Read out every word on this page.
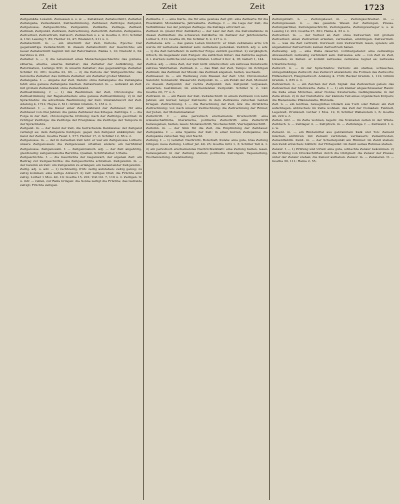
Zeit	Zeit	Zeit	1723

Zeitgemäße Luxemb. Zumessen u. s. w. — Zeitablauf, Zeitabschnitt, Zeitalter, Zeitangabe, Zeitaufwand, Zeitbestimmung, Zeitdauer, Zeitfolge; Zeitgeist, Zeitgenosse, Zeitgeschichte, Zeitgewinn, Zeitkarte, Zeitlage, Zeitlauf, Zeitmaß, Zeitpunkt, Zeitraum, Zeitrechnung, Zeitschrift, Zeitsinn, Zeitspanne, Zeitverlust, Zeitvertreib, Zeitwort, Zeitzeichen u. s. w. Goethe 2, 311; Schiller 4, 132; Lessing 7, 85; Herder 12, 47; Wieland 3, 211 u. ö.

Zeitabschnitt. m. — ein Abschnitt der Zeit, Periode, Epoche: Der gegenwärtige Zeitabschnitt; in diesem Zeitabschnitt der Geschichte; ein neuer Zeitabschnitt beginnt mit der Reformation. Ranke 1, 12; Niebuhr 2, 34; Gervinus 4, 201.

Zeitalter. n. — 1) die Lebenszeit eines Menschengeschlechts: das goldene, silberne, eherne, eiserne Zeitalter; das Zeitalter der Aufklärung, der Reformation, Ludwigs XIV.; in unserm Zeitalter; das gegenwärtige Zeitalter. Schiller 10, 281; Goethe 22, 93. — 2) die Periode der Weltgeschichte: das heroische Zeitalter; das mittlere Zeitalter; ein Zeitalter großer Männer.

Zeitangabe. f. — Angabe der Zeit, Datum: ohne Zeitangabe; die Zeitangabe fehlt; eine genaue Zeitangabe machen. Zeitaufwand. m. — Aufwand an Zeit: mit großem Zeitaufwand; ohne Zeitaufwand.

Zeitbestimmung. f. — 1) das Bestimmen der Zeit, Chronologie: die Zeitbestimmung der Begebenheiten; eine genaue Zeitbestimmung. 2) in der Sprachlehre: die adverbiale Bestimmung der Zeit; Umstandswort der Zeit. Adelung 4, 1721; Heyse 2, 611; Grimm Gramm. 3, 133 u. ö.

Zeitdauer. f. — die Dauer einer Zeit: während der Zeitdauer; für eine Zeitdauer von drei Jahren; die ganze Zeitdauer des Krieges. Zeitfolge. f. — die Folge in der Zeit, chronologische Ordnung: nach der Zeitfolge geordnet; in richtiger Zeitfolge; die Zeitfolge der Ereignisse; die Zeitfolge der Tempora in der Sprachlehre.

Zeitgeist. m. — der Geist der Zeit, die herrschende Denkweise: der Zeitgeist verlangt es; dem Zeitgeiste huldigen; gegen den Zeitgeist ankämpfen; der Geist der Zeiten. Goethe Faust 1, 577; Herder 17, 2; Schiller 12, 66 u. ö.

Zeitgenosse. m. — der in derselben Zeit lebt: er war ein Zeitgenosse Luthers; unsere Zeitgenossen; die Zeitgenossen urteilten anders; ein berühmter Zeitgenosse. Zeitgenossin. f. — Zeitgenössisch. adj. — der Zeit angehörig, gleichzeitig: zeitgenössische Berichte, Quellen, Schriftsteller, Urteile.

Zeitgeschichte. f. — die Geschichte der Gegenwart, der eigenen Zeit: ein Beitrag zur Zeitgeschichte; die Zeitgeschichte schreiben. Zeitgewinn. m. — der Gewinn an Zeit: um Zeitgewinn zu erlangen; ein bedeutender Zeitgewinn.

Zeitig. adj. u. adv. — 1) rechtzeitig, früh: zeitig aufstehen; zeitig genug; zu zeitig kommen; eine zeitige Antwort. 2) reif: zeitiges Obst; die Früchte sind zeitig. Luther 1 Mos. 40, 10; Goethe 15, 201; Voß Od. 7, 119 u. ö. Zeitigen. tr. u. intr. — reifen, zur Reife bringen: die Sonne zeitigt die Früchte; das Getreide zeitigt; Früchte zeitigen.

Zeitkarte. f. — eine Karte, die für eine gewisse Zeit gilt: eine Zeitkarte für die Eisenbahn; Monatskarte, Jahreskarte. Zeitlage. f. — die Lage der Zeit, die Verhältnisse: bei der jetzigen Zeitlage; die Zeitlage erfordert es.

Zeitlauf. m. (meist Plur. Zeitläufte) — der Lauf der Zeit, die Zeitumstände: in diesen Zeitläuften; die schweren Zeitläufte; im Zeitlauf der Jahrhunderte. Luther 2, 311; Goethe 26, 84; Schiller 8, 2, 217 u. ö.

Zeitlebens. adv. — das ganze Leben hindurch: er blieb zeitlebens arm; ich werde dir zeitlebens dankbar sein; zeitlebens gedenken. Zeitlich. adj. u. adv. — 1) die Zeit betreffend: in zeitlicher Folge; zeitlich geordnet. 2) vergänglich, irdisch, im Gegensatz zum Ewigen: die zeitlichen Güter; das Zeitliche segnen, d. i. sterben; zeitliche und ewige Strafen. Luther 2 Kor. 4, 18; Gellert 1, 144.

Zeitlos. adj. — ohne Zeit, der Zeit nicht unterworfen: ein zeitloses Kunstwerk; zeitlose Wahrheiten. Zeitmaß. n. — das Maß der Zeit, Tempo: im richtigen Zeitmaß; das Zeitmaß der Musik; das Zeitmaß angeben, halten, wechseln.

Zeitmesser. m. — ein Werkzeug zum Messen der Zeit: Uhr, Chronometer, Sanduhr, Sonnenuhr, Wasseruhr. Zeitpunkt. m. — ein Punkt der Zeit, Moment: zu diesem Zeitpunkt; der rechte Zeitpunkt; den Zeitpunkt verpassen, abwarten, bestimmen; im entscheidenden Zeitpunkt. Schiller 9, 2, 142; Goethe 20, 77 u. ö.

Zeitraum. m. — ein Raum der Zeit, Zeitabschnitt: in einem Zeitraum von zehn Jahren; ein kurzer, langer Zeitraum; in dem Zeitraume zwischen beiden Kriegen. Zeitrechnung. f. — die Berechnung der Zeit, Ära: die christliche Zeitrechnung; vor, nach unserer Zeitrechnung; die Zeitrechnung der Römer, der Juden, der Mohammedaner.

Zeitschrift. f. — eine periodisch erscheinende Druckschrift: eine wissenschaftliche, literarische, politische Zeitschrift; eine Zeitschrift herausgeben, halten, lesen; Monatsschrift, Wochenschrift, Vierteljahrsschrift.

Zeitsinn. m. — der Sinn für die Zeit, die Empfindung der Zeitdauer. Zeitspanne. f. — eine Spanne der Zeit: in einer kurzen Zeitspanne; die Zeitspanne zwischen Tag und Nacht.

Zeitung. f. — 1) veraltet: Nachricht, Botschaft, Kunde: eine gute, böse Zeitung bringen; neue Zeitung. Luther Jer. 49, 23; Goethe Götz 1, 3; Schiller Tell 4, 1. 2) ein periodisch erscheinendes Nachrichtenblatt: eine Zeitung halten, lesen, herausgeben; in der Zeitung stehen; politische Zeitungen; Tageszeitung, Wochenzeitung, Abendzeitung.

Zeitungsblatt. n. — Zeitungsleser. m. — Zeitungsschreiber. m. — Zeitungswesen. n. — das gesamte Wesen der Zeitungen, Presse. Zeitungsartikel, Zeitungsnachricht, Zeitungsente, Zeitungsverleger u. s. w. Lessing 12, 201; Goethe 27, 301; Heine 4, 33 u. ö.

Zeitverlust. m. — der Verlust an Zeit: ohne Zeitverlust; mit großem Zeitverlust; einen Zeitverlust erleiden, vermeiden, einbringen. Zeitvertreib. m. — was die Zeit vertreibt, Kurzweil: zum Zeitvertreib lesen, spielen; ein angenehmer Zeitvertreib; keinen Zeitvertreib haben.

Zeitweilig. adj. — eine Weile dauernd, vorübergehend: eine zeitweilige Abwesenheit; zeitweilig verhindert sein. Zeitweise. adv. — von Zeit zu Zeit, bisweilen, zu Zeiten: er kommt zeitweise; zeitweise regnet es; zeitweise Unterbrechung.

Zeitwort. n. — in der Sprachlehre: Verbum: ein starkes, schwaches, unregelmäßiges Zeitwort; das Zeitwort abwandeln; die Formen des Zeitworts; Hilfszeitwort, Hauptzeitwort. Adelung 4, 1726; Becker Gramm. 1, 112; Grimm Gramm. 1, 835 u. ö.

Zeitzeichen. n. — ein Zeichen der Zeit, Signal: das Zeitzeichen geben; das Zeitzeichen der Sternwarte. Zelle. f. — 1) ein kleiner abgeschlossener Raum: die Zelle eines Mönches, einer Nonne; Klosterzelle, Gefängniszelle; in der Zelle sitzen. 2) in der Naturlehre: der kleinste Teil eines organischen Körpers; die Bienenzelle; Pflanzenzelle, Blutzelle.

Zelt. n. — ein leichtes, bewegliches Obdach aus Tuch oder Fellen: ein Zelt aufschlagen, abbrechen; im Zelte wohnen; das Zelt der Nomaden; Feldzelt, Lagerzelt, Prunkzelt. Luther 1 Mos. 12, 8; Schiller Wallenstein 1, 6; Goethe 40, 220 u. ö.

Zelten. intr. — im Zelte wohnen, lagern: die Nomaden zelten in der Wüste. Zeltdach. n. — Zeltlager. n. — Zeltpflock. m. — Zeltstange. f. — Zeltwand. f. u. s. w.

Zement. m. — ein Bindemittel aus gebranntem Kalk und Ton: Zement mischen, anrühren; mit Zement verbinden, vermauern; Zementboden, Zementfabrik. Zenit. m. — der Scheitelpunkt am Himmel: im Zenit stehen; den Zenit erreichen; bildlich: der Höhepunkt: im Zenit seines Ruhmes stehen.

Zensur. f. — 1) Prüfung und Urteil: eine gute, schlechte Zensur bekommen. 2) die Prüfung von Druckschriften durch die Obrigkeit: die Zensur der Presse; unter der Zensur stehen; die Zensur aufheben. Zensor. m. — Zensieren. tr. — Goethe 30, 111; Heine 2, 55.
